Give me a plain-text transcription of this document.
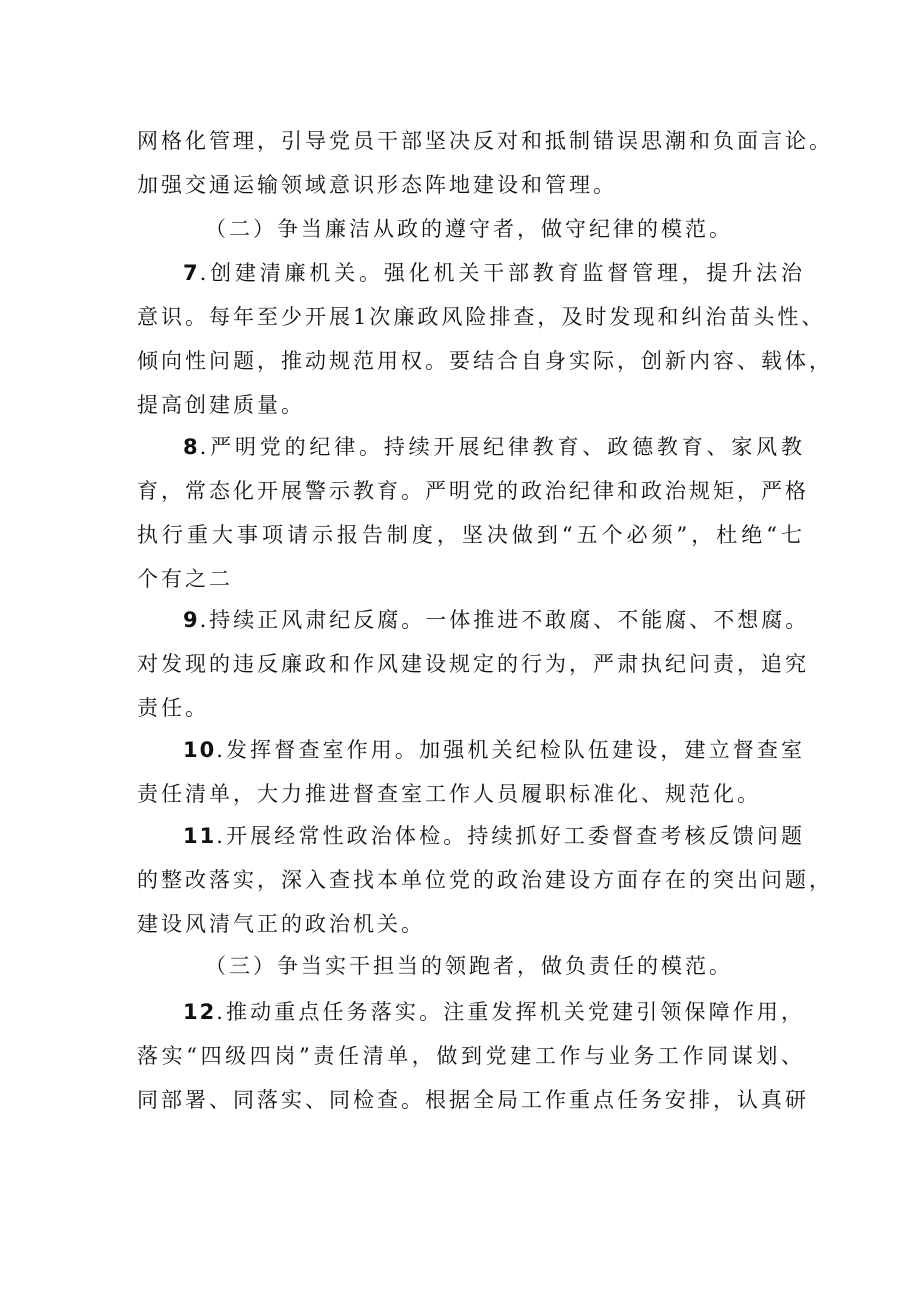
网格化管理，引导党员干部坚决反对和抵制错误思潮和负面言论。
加强交通运输领域意识形态阵地建设和管理。
（二）争当廉洁从政的遵守者，做守纪律的模范。
7.创建清廉机关。强化机关干部教育监督管理，提升法治
意识。每年至少开展1次廉政风险排查，及时发现和纠治苗头性、
倾向性问题，推动规范用权。要结合自身实际，创新内容、载体，
提高创建质量。
8.严明党的纪律。持续开展纪律教育、政德教育、家风教
育，常态化开展警示教育。严明党的政治纪律和政治规矩，严格
执行重大事项请示报告制度，坚决做到“五个必须”，杜绝“七
个有之二
9.持续正风肃纪反腐。一体推进不敢腐、不能腐、不想腐。
对发现的违反廉政和作风建设规定的行为，严肃执纪问责，追究
责任。
10.发挥督查室作用。加强机关纪检队伍建设，建立督查室
责任清单，大力推进督查室工作人员履职标准化、规范化。
11.开展经常性政治体检。持续抓好工委督查考核反馈问题
的整改落实，深入查找本单位党的政治建设方面存在的突出问题，
建设风清气正的政治机关。
（三）争当实干担当的领跑者，做负责任的模范。
12.推动重点任务落实。注重发挥机关党建引领保障作用，
落实“四级四岗”责任清单，做到党建工作与业务工作同谋划、
同部署、同落实、同检查。根据全局工作重点任务安排，认真研
